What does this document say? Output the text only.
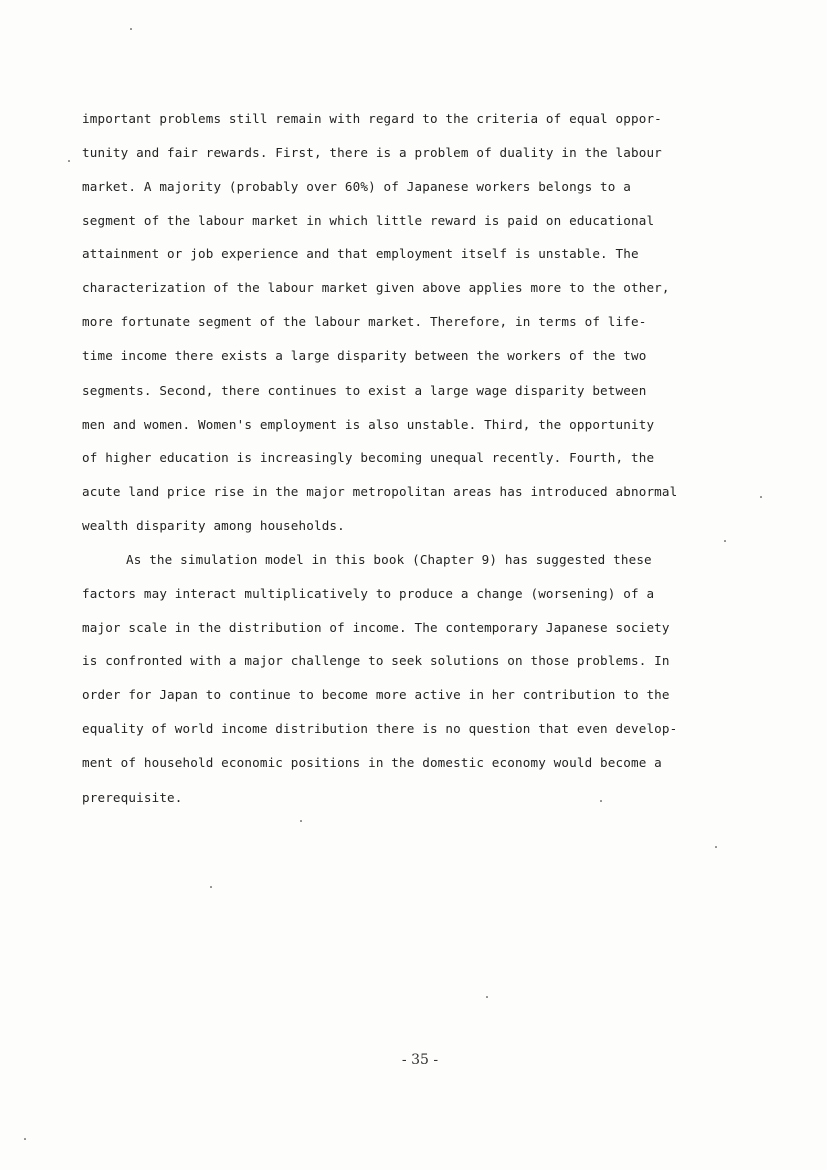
important problems still remain with regard to the criteria of equal oppor-
tunity and fair rewards. First, there is a problem of duality in the labour
market. A majority (probably over 60%) of Japanese workers belongs to a
segment of the labour market in which little reward is paid on educational
attainment or job experience and that employment itself is unstable. The
characterization of the labour market given above applies more to the other,
more fortunate segment of the labour market. Therefore, in terms of life-
time income there exists a large disparity between the workers of the two
segments. Second, there continues to exist a large wage disparity between
men and women. Women's employment is also unstable. Third, the opportunity
of higher education is increasingly becoming unequal recently. Fourth, the
acute land price rise in the major metropolitan areas has introduced abnormal
wealth disparity among households.
As the simulation model in this book (Chapter 9) has suggested these
factors may interact multiplicatively to produce a change (worsening) of a
major scale in the distribution of income. The contemporary Japanese society
is confronted with a major challenge to seek solutions on those problems. In
order for Japan to continue to become more active in her contribution to the
equality of world income distribution there is no question that even develop-
ment of household economic positions in the domestic economy would become a
prerequisite.
- 35 -
